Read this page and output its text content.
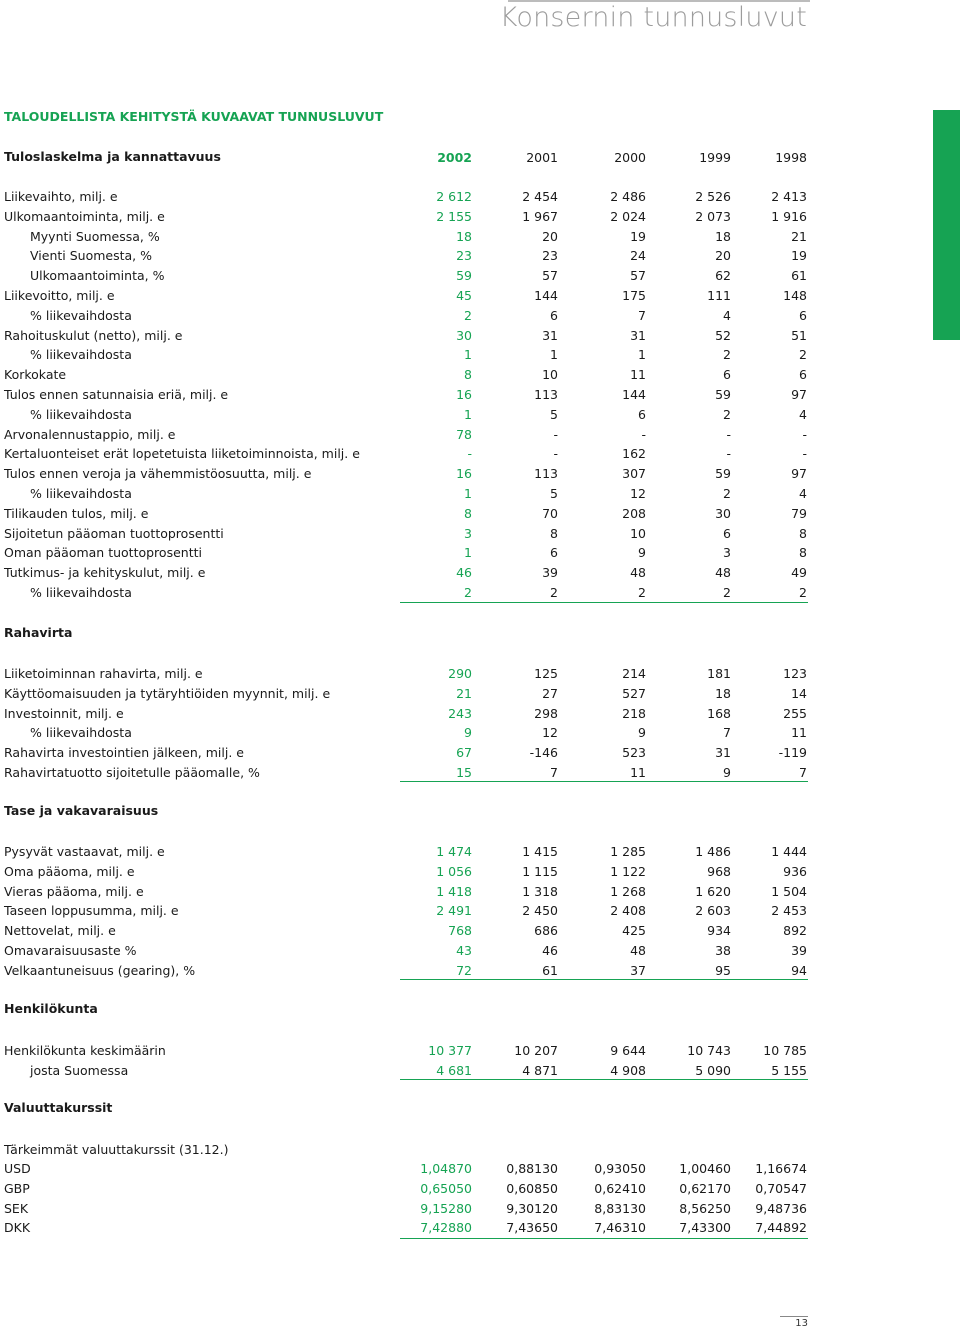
Konsernin tunnusluvut
TALOUDELLISTA KEHITYSTÄ KUVAAVAT TUNNUSLUVUT
Tuloslaskelma ja kannattavuus	2002	2001	2000	1999	1998
Liikevaihto, milj. e	2 612	2 454	2 486	2 526	2 413
Ulkomaantoiminta, milj. e	2 155	1 967	2 024	2 073	1 916
Myynti Suomessa, %	18	20	19	18	21
Vienti Suomesta, %	23	23	24	20	19
Ulkomaantoiminta, %	59	57	57	62	61
Liikevoitto, milj. e	45	144	175	111	148
% liikevaihdosta	2	6	7	4	6
Rahoituskulut (netto), milj. e	30	31	31	52	51
% liikevaihdosta	1	1	1	2	2
Korkokate	8	10	11	6	6
Tulos ennen satunnaisia eriä, milj. e	16	113	144	59	97
% liikevaihdosta	1	5	6	2	4
Arvonalennustappio, milj. e	78	-	-	-	-
Kertaluonteiset erät lopetetuista liiketoiminnoista, milj. e	-	-	162	-	-
Tulos ennen veroja ja vähemmistöosuutta, milj. e	16	113	307	59	97
% liikevaihdosta	1	5	12	2	4
Tilikauden tulos, milj. e	8	70	208	30	79
Sijoitetun pääoman tuottoprosentti	3	8	10	6	8
Oman pääoman tuottoprosentti	1	6	9	3	8
Tutkimus- ja kehityskulut, milj. e	46	39	48	48	49
% liikevaihdosta	2	2	2	2	2
Rahavirta
Liiketoiminnan rahavirta, milj. e	290	125	214	181	123
Käyttöomaisuuden ja tytäryhtiöiden myynnit, milj. e	21	27	527	18	14
Investoinnit, milj. e	243	298	218	168	255
% liikevaihdosta	9	12	9	7	11
Rahavirta investointien jälkeen, milj. e	67	-146	523	31	-119
Rahavirtatuotto sijoitetulle pääomalle, %	15	7	11	9	7
Tase ja vakavaraisuus
Pysyvät vastaavat, milj. e	1 474	1 415	1 285	1 486	1 444
Oma pääoma, milj. e	1 056	1 115	1 122	968	936
Vieras pääoma, milj. e	1 418	1 318	1 268	1 620	1 504
Taseen loppusumma, milj. e	2 491	2 450	2 408	2 603	2 453
Nettovelat, milj. e	768	686	425	934	892
Omavaraisuusaste %	43	46	48	38	39
Velkaantuneisuus (gearing), %	72	61	37	95	94
Henkilökunta
Henkilökunta keskimäärin	10 377	10 207	9 644	10 743	10 785
josta Suomessa	4 681	4 871	4 908	5 090	5 155
Valuuttakurssit
Tärkeimmät valuuttakurssit (31.12.)
USD	1,04870	0,88130	0,93050	1,00460	1,16674
GBP	0,65050	0,60850	0,62410	0,62170	0,70547
SEK	9,15280	9,30120	8,83130	8,56250	9,48736
DKK	7,42880	7,43650	7,46310	7,43300	7,44892
13
